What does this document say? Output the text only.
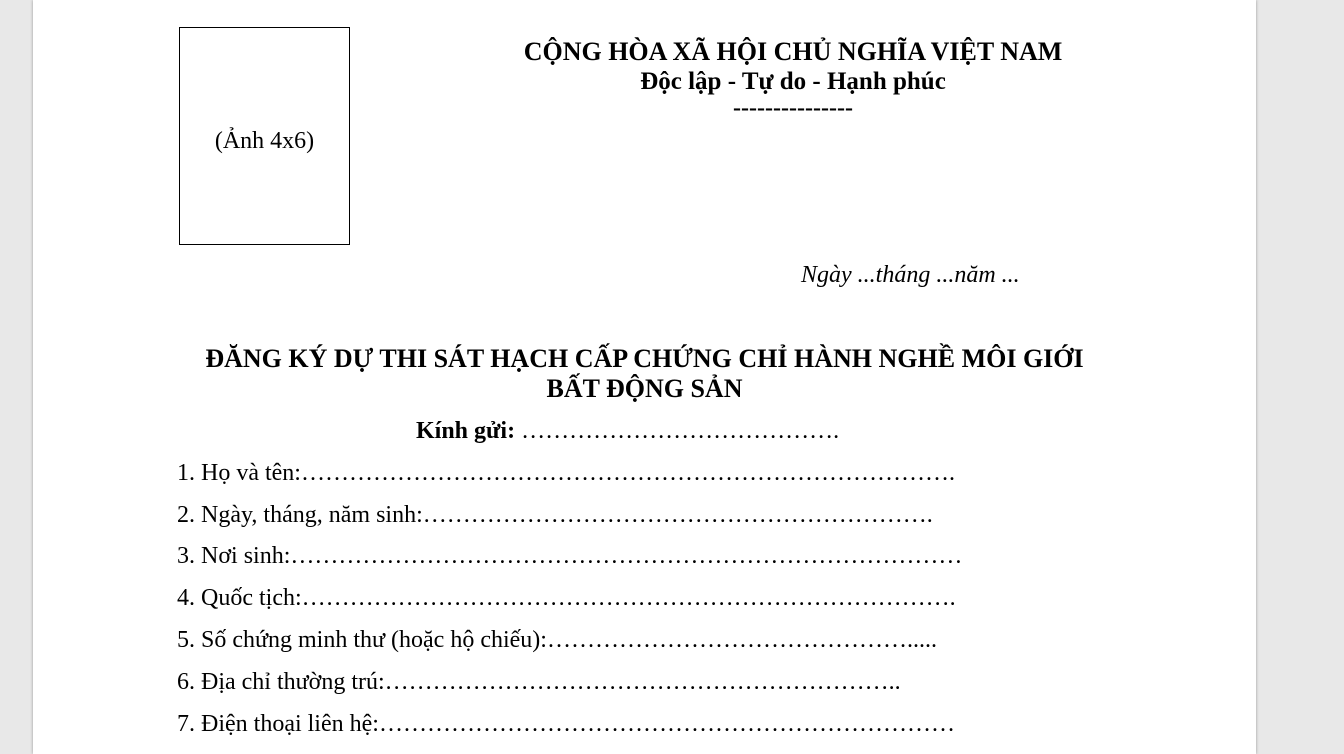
(Ảnh 4x6)
CỘNG HÒA XÃ HỘI CHỦ NGHĨA VIỆT NAM
Độc lập - Tự do - Hạnh phúc
---------------
Ngày ...tháng ...năm ...
ĐĂNG KÝ DỰ THI SÁT HẠCH CẤP CHỨNG CHỈ HÀNH NGHỀ MÔI GIỚI
BẤT ĐỘNG SẢN
Kính gửi: ………………………………….
1. Họ và tên:……………………………………………………………………….
2. Ngày, tháng, năm sinh:……………………………………………………….
3. Nơi sinh:…………………………………………………………………………
4. Quốc tịch:……………………………………………………………………….
5. Số chứng minh thư (hoặc hộ chiếu):……………………………………….....
6. Địa chỉ thường trú:………………………………………………………..
7. Điện thoại liên hệ:………………………………………………………………
